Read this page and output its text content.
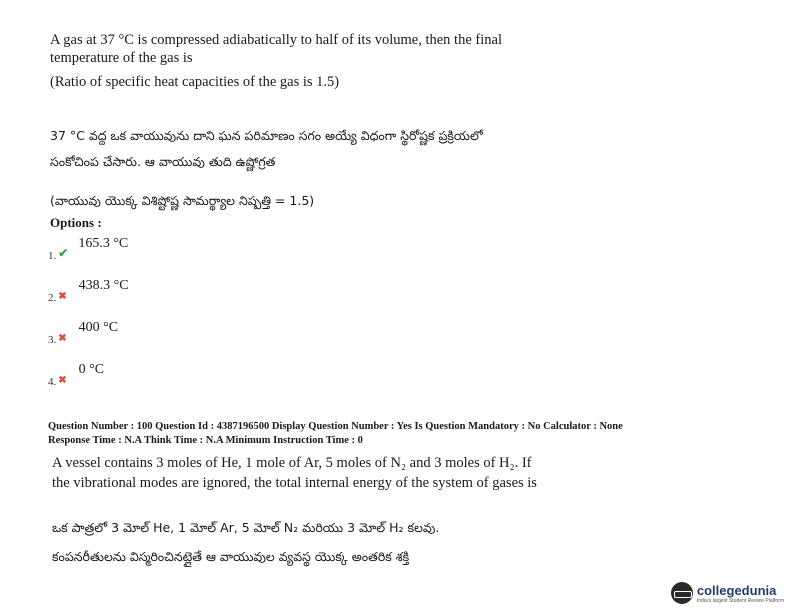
A gas at 37 °C is compressed adiabatically to half of its volume, then the final
temperature of the gas is
(Ratio of specific heat capacities of the gas is 1.5)
37 °C వద్ద ఒక వాయువును దాని ఘన పరిమాణం సగం అయ్యే విధంగా స్థిరోష్ణక ప్రక్రియలో
సంకోచింప చేసారు. ఆ వాయువు తుది ఉష్ణోగ్రత
(వాయువు యొక్క విశిష్టోష్ణ సామర్థ్యాల నిష్పత్తి = 1.5)
Options :
$_{1.}$ $_✔$ 165.3 °C
$_{2.}$ $_✖$ 438.3 °C
$_{3.}$ $_✖$ 400 °C
$_{4.}$ $_✖$ 0 °C
Question Number : 100 Question Id : 4387196500 Display Question Number : Yes Is Question Mandatory : No Calculator : None
Response Time : N.A Think Time : N.A Minimum Instruction Time : 0
A vessel contains 3 moles of He, 1 mole of Ar, 5 moles of N₂ and 3 moles of H₂. If
the vibrational modes are ignored, the total internal energy of the system of gases is
ఒక పాత్రలో 3 మోల్ He, 1 మోల్ Ar, 5 మోల్ N₂ మరియు 3 మోల్ H₂ కలవు.
కంపనరీతులను విస్మరించినట్లైతే ఆ వాయువుల వ్యవస్థ యొక్క అంతరిక శక్తి
collegedunia
India's largest Student Review Platform
